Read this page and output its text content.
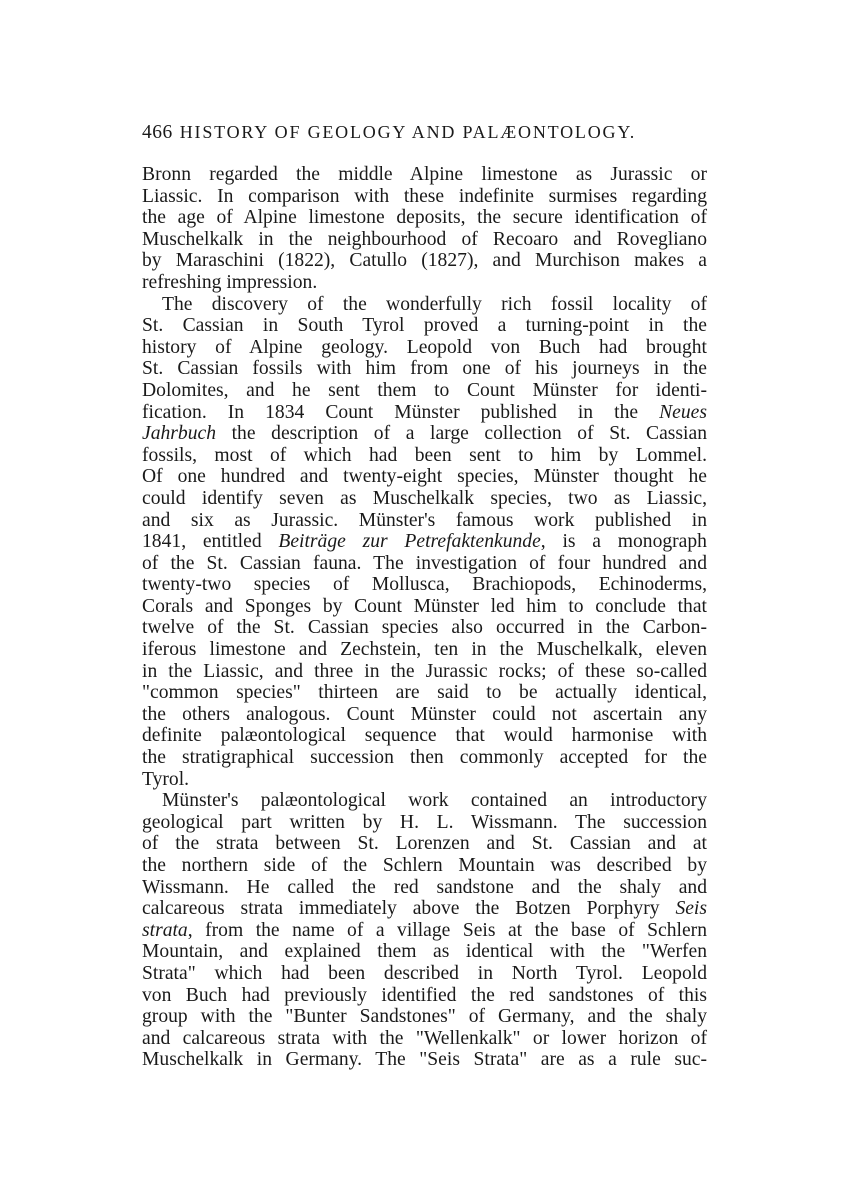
466 HISTORY OF GEOLOGY AND PALÆONTOLOGY.
Bronn regarded the middle Alpine limestone as Jurassic or
Liassic. In comparison with these indefinite surmises regarding
the age of Alpine limestone deposits, the secure identification of
Muschelkalk in the neighbourhood of Recoaro and Rovegliano
by Maraschini (1822), Catullo (1827), and Murchison makes a
refreshing impression.
The discovery of the wonderfully rich fossil locality of
St. Cassian in South Tyrol proved a turning-point in the
history of Alpine geology. Leopold von Buch had brought
St. Cassian fossils with him from one of his journeys in the
Dolomites, and he sent them to Count Münster for identi-
fication. In 1834 Count Münster published in the Neues
Jahrbuch the description of a large collection of St. Cassian
fossils, most of which had been sent to him by Lommel.
Of one hundred and twenty-eight species, Münster thought he
could identify seven as Muschelkalk species, two as Liassic,
and six as Jurassic. Münster's famous work published in
1841, entitled Beiträge zur Petrefaktenkunde, is a monograph
of the St. Cassian fauna. The investigation of four hundred and
twenty-two species of Mollusca, Brachiopods, Echinoderms,
Corals and Sponges by Count Münster led him to conclude that
twelve of the St. Cassian species also occurred in the Carbon-
iferous limestone and Zechstein, ten in the Muschelkalk, eleven
in the Liassic, and three in the Jurassic rocks; of these so-called
"common species" thirteen are said to be actually identical,
the others analogous. Count Münster could not ascertain any
definite palæontological sequence that would harmonise with
the stratigraphical succession then commonly accepted for the
Tyrol.
Münster's palæontological work contained an introductory
geological part written by H. L. Wissmann. The succession
of the strata between St. Lorenzen and St. Cassian and at
the northern side of the Schlern Mountain was described by
Wissmann. He called the red sandstone and the shaly and
calcareous strata immediately above the Botzen Porphyry Seis
strata, from the name of a village Seis at the base of Schlern
Mountain, and explained them as identical with the "Werfen
Strata" which had been described in North Tyrol. Leopold
von Buch had previously identified the red sandstones of this
group with the "Bunter Sandstones" of Germany, and the shaly
and calcareous strata with the "Wellenkalk" or lower horizon of
Muschelkalk in Germany. The "Seis Strata" are as a rule suc-
